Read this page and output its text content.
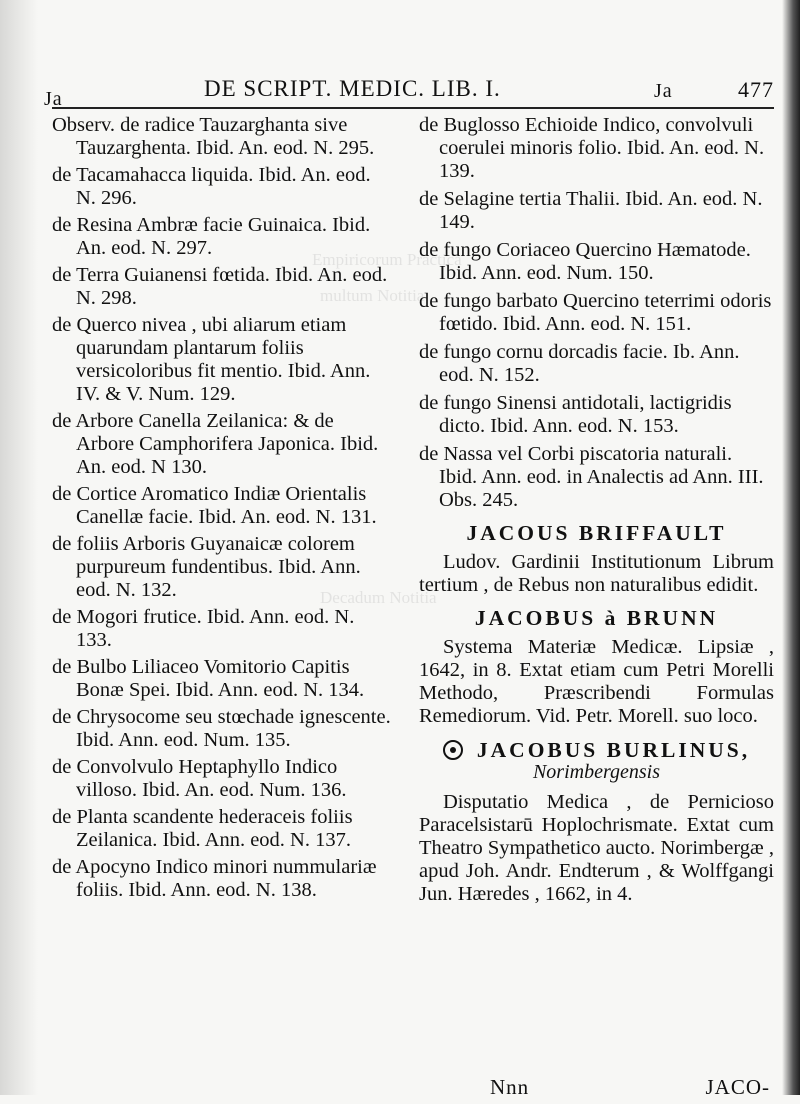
Empiricorum Practica
multum Notitia
Decadum Notitia
Ja	DE SCRIPT. MEDIC. LIB. I.	Ja	477

Observ. de radice Tauzarghanta sive Tauzarghenta. Ibid. An. eod. N. 295.

de Tacamahacca liquida. Ibid. An. eod. N. 296.

de Resina Ambræ facie Guinaica. Ibid. An. eod. N. 297.

de Terra Guianensi fœtida. Ibid. An. eod. N. 298.

de Querco nivea , ubi aliarum etiam quarundam plantarum foliis versicoloribus fit mentio. Ibid. Ann. IV. & V. Num. 129.

de Arbore Canella Zeilanica: & de Arbore Camphorifera Japonica. Ibid. An. eod. N 130.

de Cortice Aromatico Indiæ Orientalis Canellæ facie. Ibid. An. eod. N. 131.

de foliis Arboris Guyanaicæ colorem purpureum fundentibus. Ibid. Ann. eod. N. 132.

de Mogori frutice. Ibid. Ann. eod. N. 133.

de Bulbo Liliaceo Vomitorio Capitis Bonæ Spei. Ibid. Ann. eod. N. 134.

de Chrysocome seu stœchade ignescente. Ibid. Ann. eod. Num. 135.

de Convolvulo Heptaphyllo Indico villoso. Ibid. An. eod. Num. 136.

de Planta scandente hederaceis foliis Zeilanica. Ibid. Ann. eod. N. 137.

de Apocyno Indico minori nummulariæ foliis. Ibid. Ann. eod. N. 138.

de Buglosso Echioide Indico, convolvuli coerulei minoris folio. Ibid. An. eod. N. 139.

de Selagine tertia Thalii. Ibid. An. eod. N. 149.

de fungo Coriaceo Quercino Hæmatode. Ibid. Ann. eod. Num. 150.

de fungo barbato Quercino teterrimi odoris fœtido. Ibid. Ann. eod. N. 151.

de fungo cornu dorcadis facie. Ib. Ann. eod. N. 152.

de fungo Sinensi antidotali, lactigridis dicto. Ibid. Ann. eod. N. 153.

de Nassa vel Corbi piscatoria naturali. Ibid. Ann. eod. in Analectis ad Ann. III. Obs. 245.

JACOUS BRIFFAULT

Ludov. Gardinii Institutionum Librum tertium , de Rebus non naturalibus edidit.

JACOBUS à BRUNN

Systema Materiæ Medicæ. Lipsiæ , 1642, in 8. Extat etiam cum Petri Morelli Methodo, Præscribendi Formulas Remediorum. Vid. Petr. Morell. suo loco.

JACOBUS BURLINUS,
Norimbergensis

Disputatio Medica , de Pernicioso Paracelsistarū Hoplochrismate. Extat cum Theatro Sympathetico aucto. Norimbergæ , apud Joh. Andr. Endterum , & Wolffgangi Jun. Hæredes , 1662, in 4.

Nnn	JACO-
